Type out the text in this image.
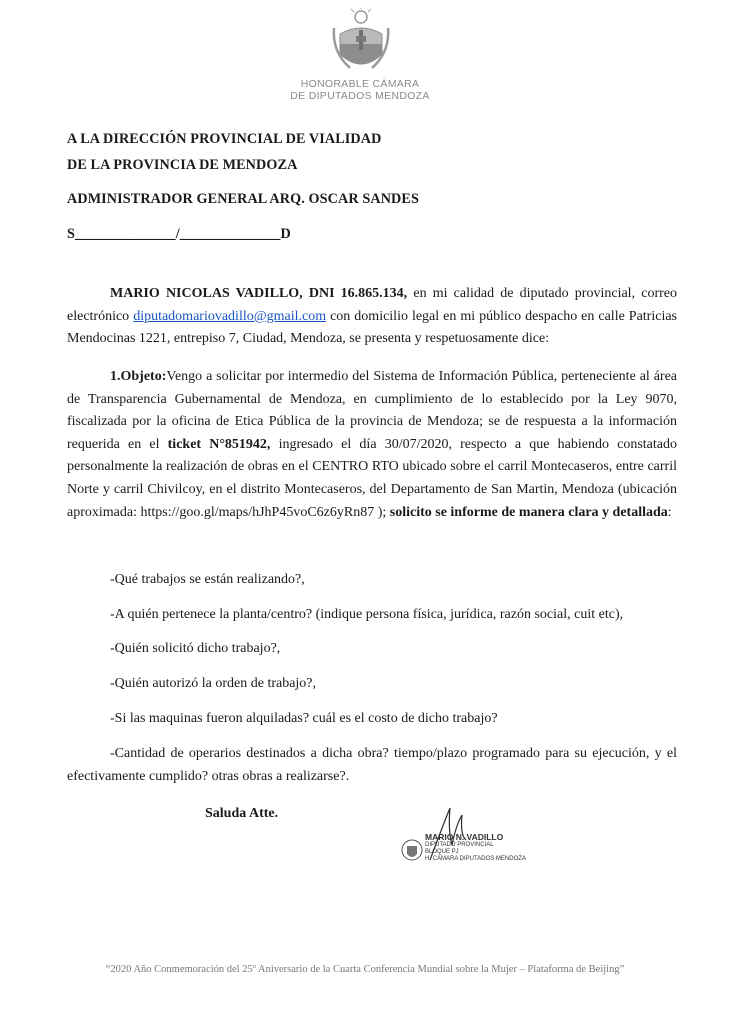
HONORABLE CÁMARA
DE DIPUTADOS MENDOZA
A LA DIRECCIÓN PROVINCIAL DE VIALIDAD
DE LA PROVINCIA DE MENDOZA
ADMINISTRADOR GENERAL ARQ. OSCAR SANDES
S______________/______________D

MARIO NICOLAS VADILLO, DNI 16.865.134, en mi calidad de diputado provincial, correo electrónico diputadomariovadillo@gmail.com con domicilio legal en mi público despacho en calle Patricias Mendocinas 1221, entrepiso 7, Ciudad, Mendoza, se presenta y respetuosamente dice:

1.Objeto:Vengo a solicitar por intermedio del Sistema de Información Pública, perteneciente al área de Transparencia Gubernamental de Mendoza, en cumplimiento de lo establecido por la Ley 9070, fiscalizada por la oficina de Etica Pública de la provincia de Mendoza; se de respuesta a la información requerida en el ticket N°851942, ingresado el día 30/07/2020, respecto a que habiendo constatado personalmente la realización de obras en el CENTRO RTO ubicado sobre el carril Montecaseros, entre carril Norte y carril Chivilcoy, en el distrito Montecaseros, del Departamento de San Martin, Mendoza (ubicación aproximada: https://goo.gl/maps/hJhP45voC6z6yRn87 ); solicito se informe de manera clara y detallada:

-Qué trabajos se están realizando?,
-A quién pertenece la planta/centro? (indique persona física, jurídica, razón social, cuit etc),
-Quién solicitó dicho trabajo?,
-Quién autorizó la orden de trabajo?,
-Si las maquinas fueron alquiladas? cuál es el costo de dicho trabajo?

-Cantidad de operarios destinados a dicha obra? tiempo/plazo programado para su ejecución, y el efectivamente cumplido? otras obras a realizarse?.

Saluda Atte.
MARIO N. VADILLO
DIPUTADO PROVINCIAL
BLOQUE PJ
H. CÁMARA DIPUTADOS MENDOZA
“2020 Año Conmemoración del 25º Aniversario de la Cuarta Conferencia Mundial sobre la Mujer – Plataforma de Beijing”
